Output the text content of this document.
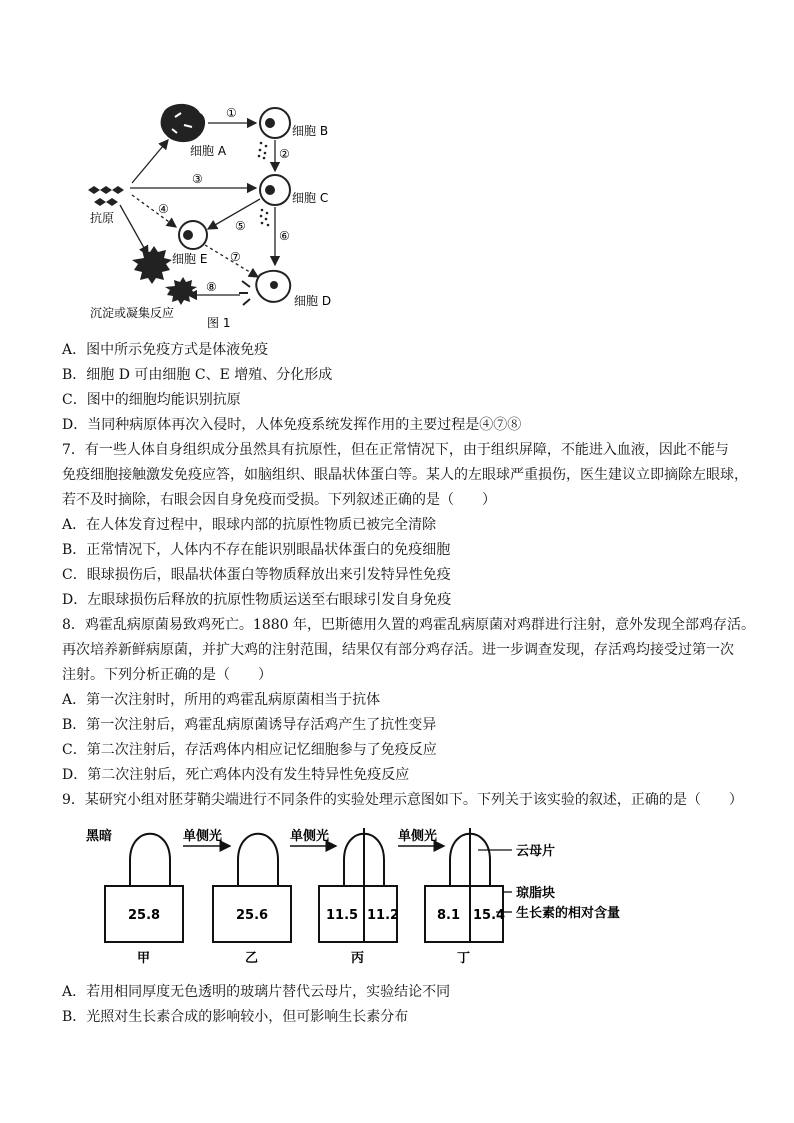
①
②
③
④
⑤
⑥
⑦
⑧
细胞 A
细胞 B
细胞 C
细胞 E
细胞 D
抗原
沉淀或凝集反应
图 1
A．图中所示免疫方式是体液免疫
B．细胞 D 可由细胞 C、E 增殖、分化形成
C．图中的细胞均能识别抗原
D．当同种病原体再次入侵时，人体免疫系统发挥作用的主要过程是④⑦⑧
7．有一些人体自身组织成分虽然具有抗原性，但在正常情况下，由于组织屏障，不能进入血液，因此不能与
免疫细胞接触激发免疫应答，如脑组织、眼晶状体蛋白等。某人的左眼球严重损伤，医生建议立即摘除左眼球，
若不及时摘除，右眼会因自身免疫而受损。下列叙述正确的是（　　）
A．在人体发育过程中，眼球内部的抗原性物质已被完全清除
B．正常情况下，人体内不存在能识别眼晶状体蛋白的免疫细胞
C．眼球损伤后，眼晶状体蛋白等物质释放出来引发特异性免疫
D．左眼球损伤后释放的抗原性物质运送至右眼球引发自身免疫
8．鸡霍乱病原菌易致鸡死亡。1880 年，巴斯德用久置的鸡霍乱病原菌对鸡群进行注射，意外发现全部鸡存活。
再次培养新鲜病原菌，并扩大鸡的注射范围，结果仅有部分鸡存活。进一步调查发现，存活鸡均接受过第一次
注射。下列分析正确的是（　　）
A．第一次注射时，所用的鸡霍乱病原菌相当于抗体
B．第一次注射后，鸡霍乱病原菌诱导存活鸡产生了抗性变异
C．第二次注射后，存活鸡体内相应记忆细胞参与了免疫反应
D．第二次注射后，死亡鸡体内没有发生特异性免疫反应
9．某研究小组对胚芽鞘尖端进行不同条件的实验处理示意图如下。下列关于该实验的叙述，正确的是（　　）
黑暗	单侧光	单侧光	单侧光
25.8	25.6	11.5 11.2	8.1 15.4
甲	乙	丙	丁
云母片
琼脂块
生长素的相对含量
A．若用相同厚度无色透明的玻璃片替代云母片，实验结论不同
B．光照对生长素合成的影响较小，但可影响生长素分布
